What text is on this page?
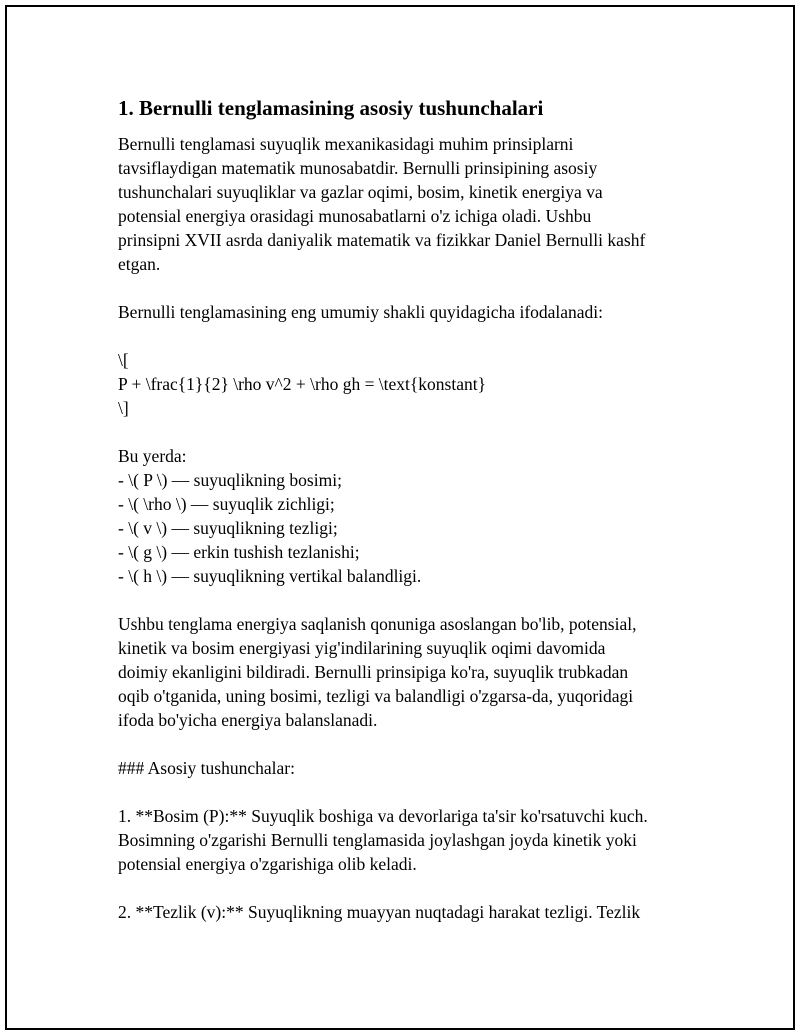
1. Bernulli tenglamasining asosiy tushunchalari

Bernulli tenglamasi suyuqlik mexanikasidagi muhim prinsiplarni
tavsiflaydigan matematik munosabatdir. Bernulli prinsipining asosiy
tushunchalari suyuqliklar va gazlar oqimi, bosim, kinetik energiya va
potensial energiya orasidagi munosabatlarni o'z ichiga oladi. Ushbu
prinsipni XVII asrda daniyalik matematik va fizikkar Daniel Bernulli kashf
etgan.

Bernulli tenglamasining eng umumiy shakli quyidagicha ifodalanadi:

\[
P + \frac{1}{2} \rho v^2 + \rho gh = \text{konstant}
\]

Bu yerda:
- \( P \) — suyuqlikning bosimi;
- \( \rho \) — suyuqlik zichligi;
- \( v \) — suyuqlikning tezligi;
- \( g \) — erkin tushish tezlanishi;
- \( h \) — suyuqlikning vertikal balandligi.

Ushbu tenglama energiya saqlanish qonuniga asoslangan bo'lib, potensial,
kinetik va bosim energiyasi yig'indilarining suyuqlik oqimi davomida
doimiy ekanligini bildiradi. Bernulli prinsipiga ko'ra, suyuqlik trubkadan
oqib o'tganida, uning bosimi, tezligi va balandligi o'zgarsa-da, yuqoridagi
ifoda bo'yicha energiya balanslanadi.

### Asosiy tushunchalar:

1. **Bosim (P):** Suyuqlik boshiga va devorlariga ta'sir ko'rsatuvchi kuch.
Bosimning o'zgarishi Bernulli tenglamasida joylashgan joyda kinetik yoki
potensial energiya o'zgarishiga olib keladi.

2. **Tezlik (v):** Suyuqlikning muayyan nuqtadagi harakat tezligi. Tezlik
